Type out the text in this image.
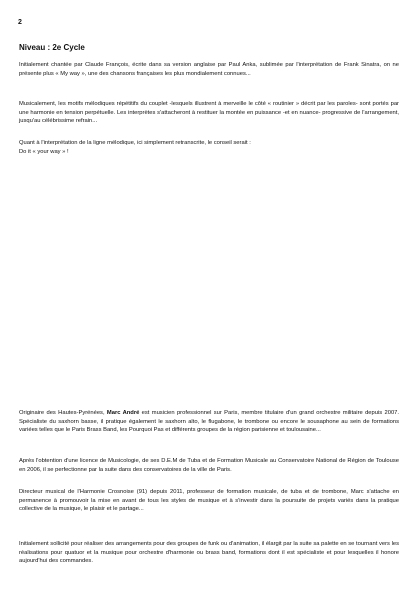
2
Niveau : 2e Cycle
Initialement chantée par Claude François, écrite dans sa version anglaise par Paul Anka, sublimée par l'interprétation de Frank Sinatra, on ne présente plus « My way », une des chansons françaises les plus mondialement connues...
Musicalement, les motifs mélodiques répétitifs du couplet -lesquels illustrent à merveille le côté « routinier » décrit par les paroles- sont portés par une harmonie en tension perpétuelle. Les interprètes s'attacheront à restituer la montée en puissance -et en nuance- progressive de l'arrangement, jusqu'au célébrissime refrain...
Quant à l'interprétation de la ligne mélodique, ici simplement retranscrite, le conseil serait :
Do it « your way » !
Originaire des Hautes-Pyrénées, Marc André est musicien professionnel sur Paris, membre titulaire d'un grand orchestre militaire depuis 2007. Spécialiste du saxhorn basse, il pratique également le saxhorn alto, le flugabone, le trombone ou encore le sousaphone au sein de formations variées telles que le Paris Brass Band, les Pourquoi Pas et différents groupes de la région parisienne et toulousaine...
Après l'obtention d'une licence de Musicologie, de ses D.E.M de Tuba et de Formation Musicale au Conservatoire National de Région de Toulouse en 2006, il se perfectionne par la suite dans des conservatoires de la ville de Paris.
Directeur musical de l'Harmonie Crosnoise (91) depuis 2011, professeur de formation musicale, de tuba et de trombone, Marc s'attache en permanence à promouvoir la mise en avant de tous les styles de musique et à s'investir dans la poursuite de projets variés dans la pratique collective de la musique, le plaisir et le partage...
Initialement sollicité pour réaliser des arrangements pour des groupes de funk ou d'animation, il élargit par la suite sa palette en se tournant vers les réalisations pour quatuor et la musique pour orchestre d'harmonie ou brass band, formations dont il est spécialiste et pour lesquelles il honore aujourd'hui des commandes.
